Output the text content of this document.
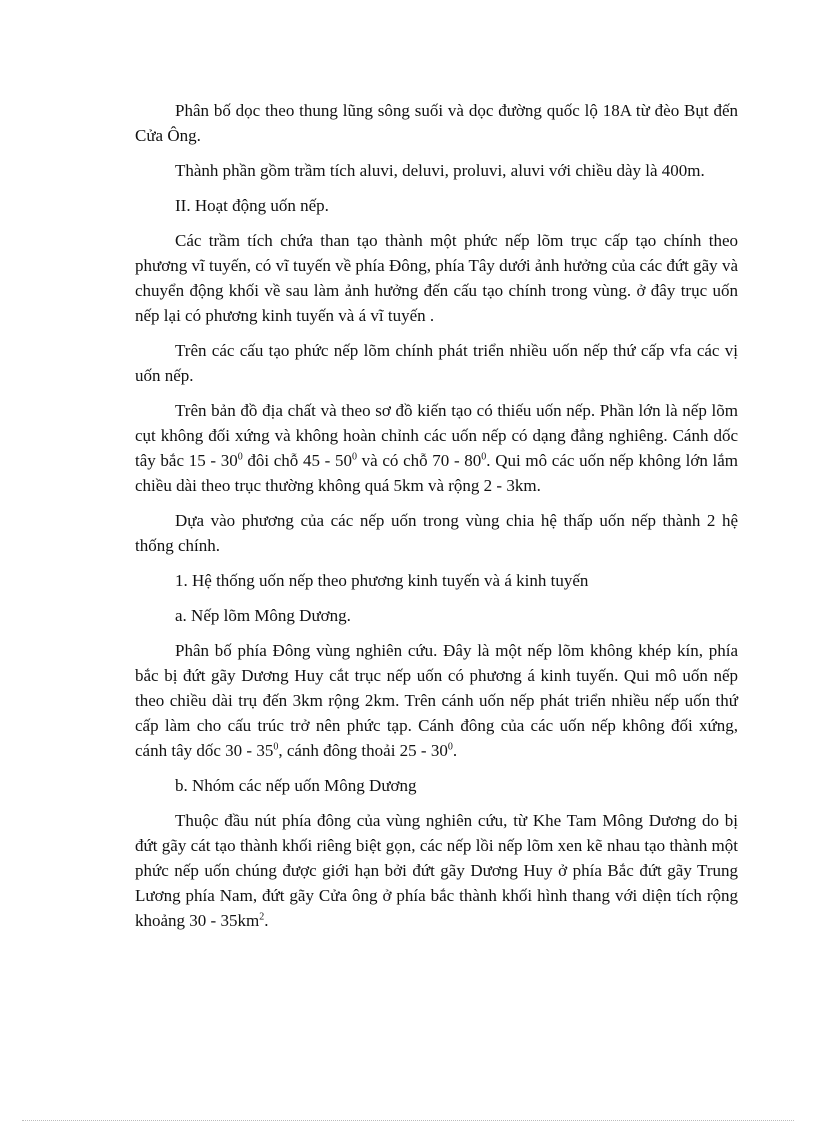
Phân bố dọc theo thung lũng sông suối và dọc đường quốc lộ 18A từ đèo Bụt đến Cửa Ông.

Thành phần gồm trầm tích aluvi, deluvi, proluvi, aluvi với chiều dày là 400m.

II. Hoạt động uốn nếp.

Các trầm tích chứa than tạo thành một phức nếp lõm trục cấp tạo chính theo phương vĩ tuyến, có vĩ tuyến về phía Đông, phía Tây dưới ảnh hưởng của các đứt gãy và chuyển động khối về sau làm ảnh hưởng đến cấu tạo chính trong vùng. ở đây trục uốn nếp lại có phương kinh tuyến và á vĩ tuyến .

Trên các cấu tạo phức nếp lõm chính phát triển nhiều uốn nếp thứ cấp vfa các vị uốn nếp.

Trên bản đồ địa chất và theo sơ đồ kiến tạo có thiếu uốn nếp. Phần lớn là nếp lõm cụt không đối xứng và không hoàn chỉnh các uốn nếp có dạng đẳng nghiêng. Cánh dốc tây bắc $15 - 30^0$ đôi chỗ $45 - 50^0$ và có chỗ $70 - 80^0$. Qui mô các uốn nếp không lớn lắm chiều dài theo trục thường không quá 5km và rộng 2 - 3km.

Dựa vào phương của các nếp uốn trong vùng chia hệ thấp uốn nếp thành 2 hệ thống chính.

1. Hệ thống uốn nếp theo phương kinh tuyến và á kinh tuyến

a. Nếp lõm Mông Dương.

Phân bố phía Đông vùng nghiên cứu. Đây là một nếp lõm không khép kín, phía bắc bị đứt gãy Dương Huy cắt trục nếp uốn có phương á kinh tuyến. Qui mô uốn nếp theo chiều dài trụ đến 3km rộng 2km. Trên cánh uốn nếp phát triển nhiều nếp uốn thứ cấp làm cho cấu trúc trở nên phức tạp. Cánh đông của các uốn nếp không đối xứng, cánh tây dốc $30 - 35^0$, cánh đông thoải $25 - 30^0$.

b. Nhóm các nếp uốn Mông Dương

Thuộc đầu nút phía đông của vùng nghiên cứu, từ Khe Tam Mông Dương do bị đứt gãy cát tạo thành khối riêng biệt gọn, các nếp lồi nếp lõm xen kẽ nhau tạo thành một phức nếp uốn chúng được giới hạn bởi đứt gãy Dương Huy ở phía Bắc đứt gãy Trung Lương phía Nam, đứt gãy Cửa ông ở phía bắc thành khối hình thang với diện tích rộng khoảng $30 - 35km^2$.
